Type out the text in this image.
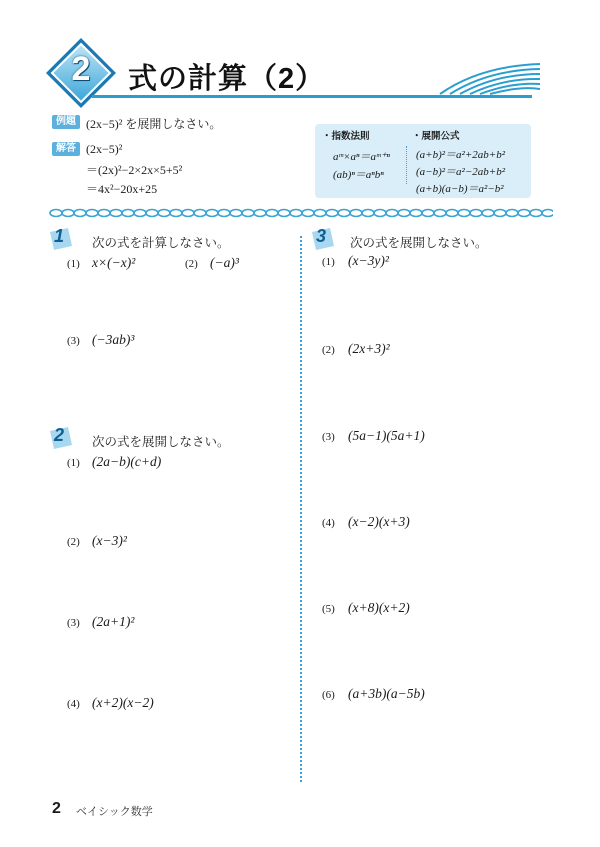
2	式の計算（2）
例題 (2x−5)² を展開しなさい。
解答 (2x−5)²
＝(2x)²−2×2x×5+5²
＝4x²−20x+25
・指数法則	・展開公式
aᵐ×aⁿ＝aᵐ⁺ⁿ
(ab)ⁿ＝aⁿbⁿ
(a+b)²＝a²+2ab+b²
(a−b)²＝a²−2ab+b²
(a+b)(a−b)＝a²−b²
1 次の式を計算しなさい。
(1) x×(−x)²	(2) (−a)³
(3) (−3ab)³
2 次の式を展開しなさい。
(1) (2a−b)(c+d)
(2) (x−3)²
(3) (2a+1)²
(4) (x+2)(x−2)
3 次の式を展開しなさい。
(1) (x−3y)²
(2) (2x+3)²
(3) (5a−1)(5a+1)
(4) (x−2)(x+3)
(5) (x+8)(x+2)
(6) (a+3b)(a−5b)
2 ベイシック数学
